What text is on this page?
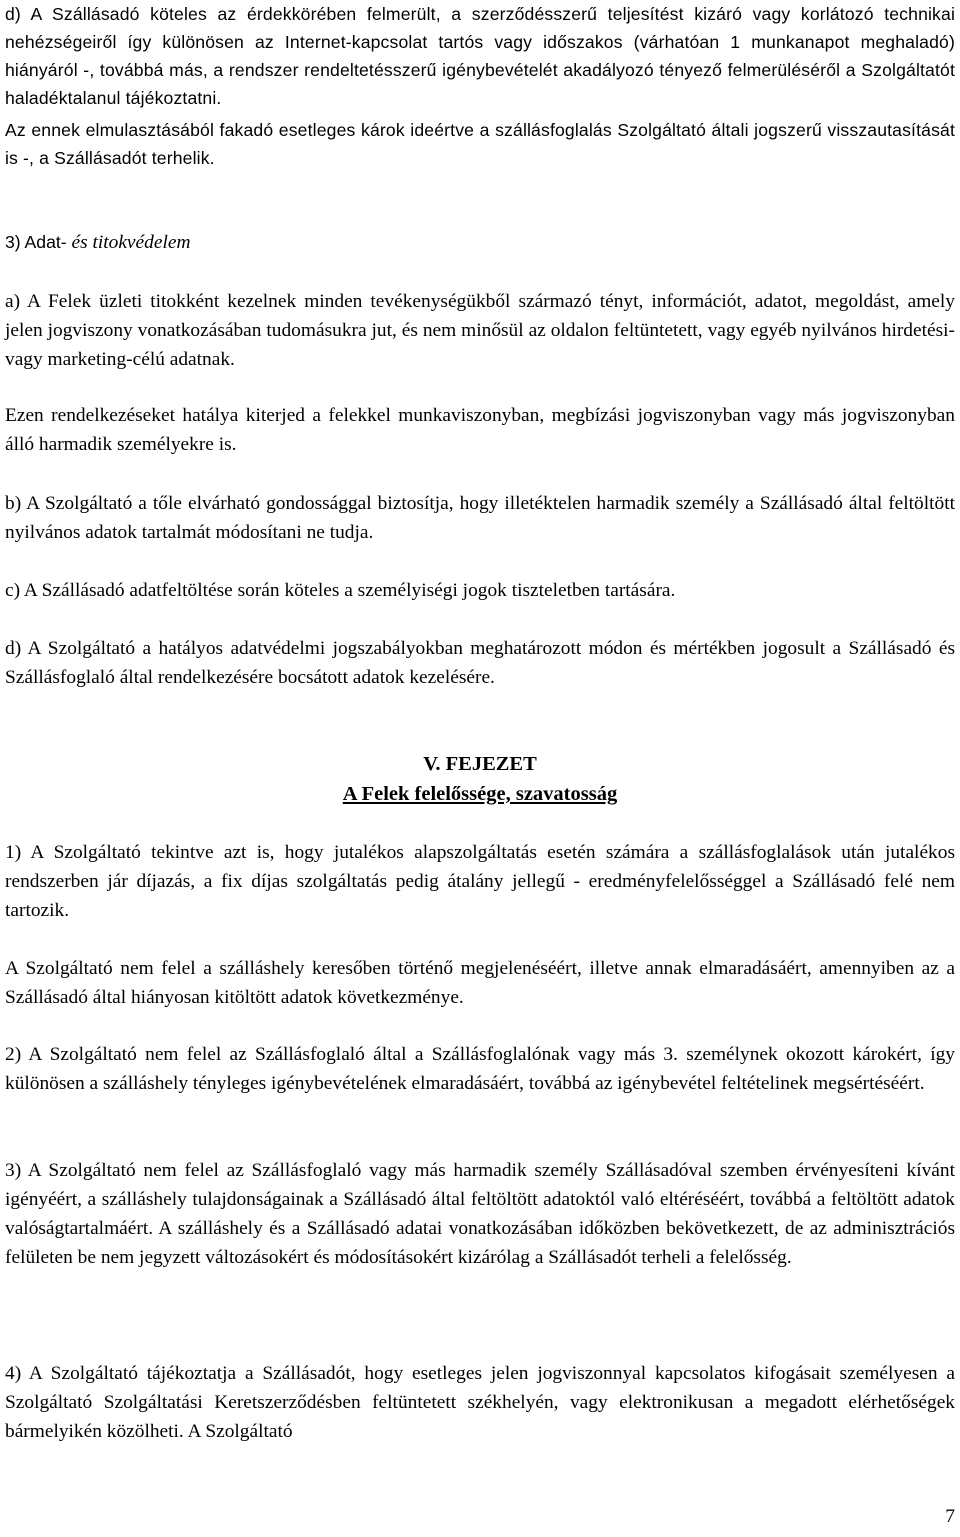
d) A Szállásadó köteles az érdekkörében felmerült, a szerződésszerű teljesítést kizáró vagy korlátozó technikai nehézségeiről így különösen az Internet-kapcsolat tartós vagy időszakos (várhatóan 1 munkanapot meghaladó) hiányáról -, továbbá más, a rendszer rendeltetésszerű igénybevételét akadályozó tényező felmerüléséről a Szolgáltatót haladéktalanul tájékoztatni.

Az ennek elmulasztásából fakadó esetleges károk ideértve a szállásfoglalás Szolgáltató általi jogszerű visszautasítását is -, a Szállásadót terhelik.

3) Adat- és titokvédelem

a) A Felek üzleti titokként kezelnek minden tevékenységükből származó tényt, információt, adatot, megoldást, amely jelen jogviszony vonatkozásában tudomásukra jut, és nem minősül az oldalon feltüntetett, vagy egyéb nyilvános hirdetési- vagy marketing-célú adatnak.

Ezen rendelkezéseket hatálya kiterjed a felekkel munkaviszonyban, megbízási jogviszonyban vagy más jogviszonyban álló harmadik személyekre is.

b) A Szolgáltató a tőle elvárható gondossággal biztosítja, hogy illetéktelen harmadik személy a Szállásadó által feltöltött nyilvános adatok tartalmát módosítani ne tudja.

c) A Szállásadó adatfeltöltése során köteles a személyiségi jogok tiszteletben tartására.

d) A Szolgáltató a hatályos adatvédelmi jogszabályokban meghatározott módon és mértékben jogosult a Szállásadó és Szállásfoglaló által rendelkezésére bocsátott adatok kezelésére.

V. FEJEZET

A Felek felelőssége, szavatosság

1) A Szolgáltató tekintve azt is, hogy jutalékos alapszolgáltatás esetén számára a szállásfoglalások után jutalékos rendszerben jár díjazás, a fix díjas szolgáltatás pedig átalány jellegű - eredményfelelősséggel a Szállásadó felé nem tartozik.

A Szolgáltató nem felel a szálláshely keresőben történő megjelenéséért, illetve annak elmaradásáért, amennyiben az a Szállásadó által hiányosan kitöltött adatok következménye.

2) A Szolgáltató nem felel az Szállásfoglaló által a Szállásfoglalónak vagy más 3. személynek okozott károkért, így különösen a szálláshely tényleges igénybevételének elmaradásáért, továbbá az igénybevétel feltételinek megsértéséért.

3) A Szolgáltató nem felel az Szállásfoglaló vagy más harmadik személy Szállásadóval szemben érvényesíteni kívánt igényéért, a szálláshely tulajdonságainak a Szállásadó által feltöltött adatoktól való eltéréséért, továbbá a feltöltött adatok valóságtartalmáért. A szálláshely és a Szállásadó adatai vonatkozásában időközben bekövetkezett, de az adminisztrációs felületen be nem jegyzett változásokért és módosításokért kizárólag a Szállásadót terheli a felelősség.

4) A Szolgáltató tájékoztatja a Szállásadót, hogy esetleges jelen jogviszonnyal kapcsolatos kifogásait személyesen a Szolgáltató Szolgáltatási Keretszerződésben feltüntetett székhelyén, vagy elektronikusan a megadott elérhetőségek bármelyikén közölheti. A Szolgáltató

7
